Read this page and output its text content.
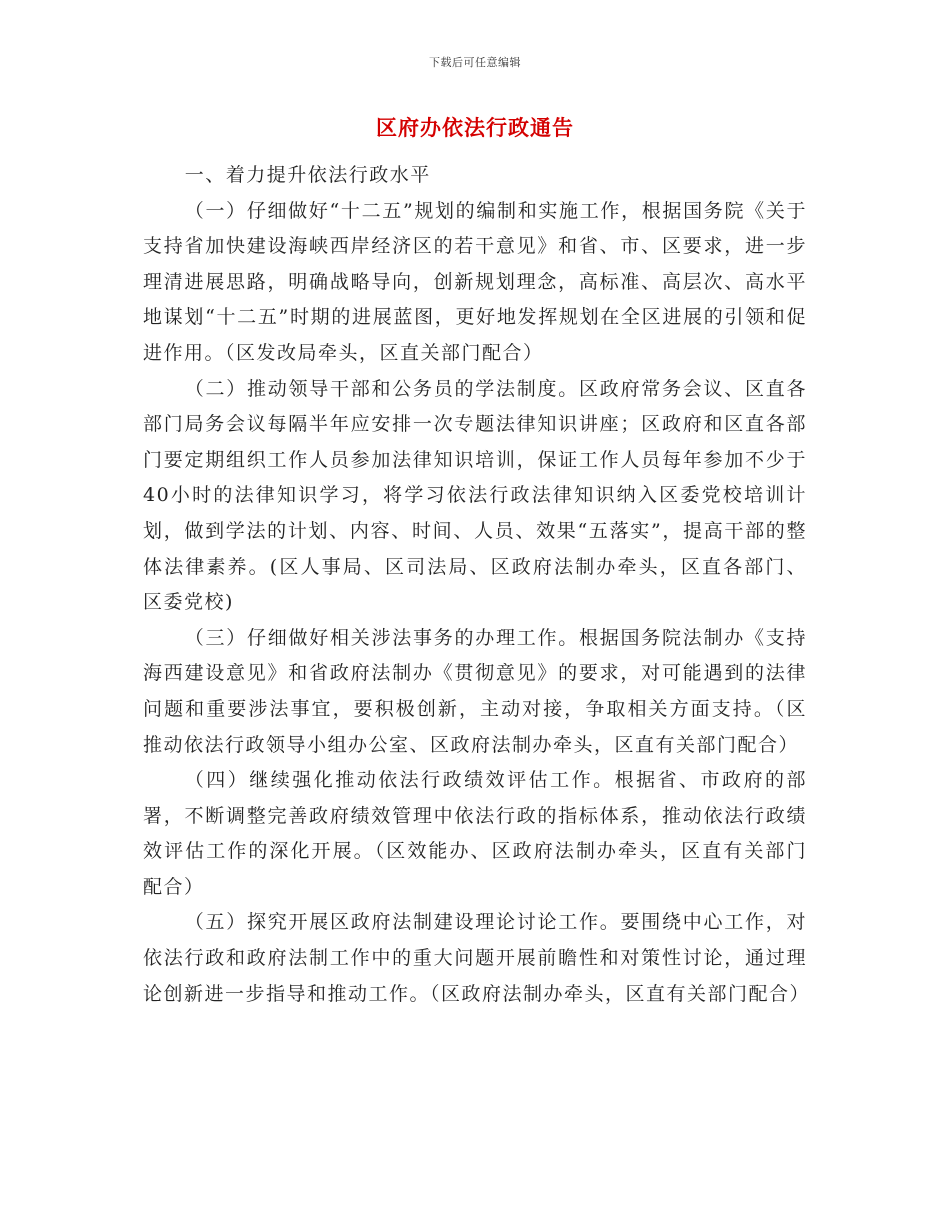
下载后可任意编辑
区府办依法行政通告

一、着力提升依法行政水平

（一）仔细做好“十二五”规划的编制和实施工作，根据国务院《关于支持省加快建设海峡西岸经济区的若干意见》和省、市、区要求，进一步理清进展思路，明确战略导向，创新规划理念，高标准、高层次、高水平地谋划“十二五”时期的进展蓝图，更好地发挥规划在全区进展的引领和促进作用。（区发改局牵头，区直关部门配合）

（二）推动领导干部和公务员的学法制度。区政府常务会议、区直各部门局务会议每隔半年应安排一次专题法律知识讲座；区政府和区直各部门要定期组织工作人员参加法律知识培训，保证工作人员每年参加不少于40小时的法律知识学习，将学习依法行政法律知识纳入区委党校培训计划，做到学法的计划、内容、时间、人员、效果“五落实”，提高干部的整体法律素养。(区人事局、区司法局、区政府法制办牵头，区直各部门、区委党校)

（三）仔细做好相关涉法事务的办理工作。根据国务院法制办《支持海西建设意见》和省政府法制办《贯彻意见》的要求，对可能遇到的法律问题和重要涉法事宜，要积极创新，主动对接，争取相关方面支持。（区推动依法行政领导小组办公室、区政府法制办牵头，区直有关部门配合）

（四）继续强化推动依法行政绩效评估工作。根据省、市政府的部署，不断调整完善政府绩效管理中依法行政的指标体系，推动依法行政绩效评估工作的深化开展。（区效能办、区政府法制办牵头，区直有关部门配合）

（五）探究开展区政府法制建设理论讨论工作。要围绕中心工作，对依法行政和政府法制工作中的重大问题开展前瞻性和对策性讨论，通过理论创新进一步指导和推动工作。（区政府法制办牵头，区直有关部门配合）
